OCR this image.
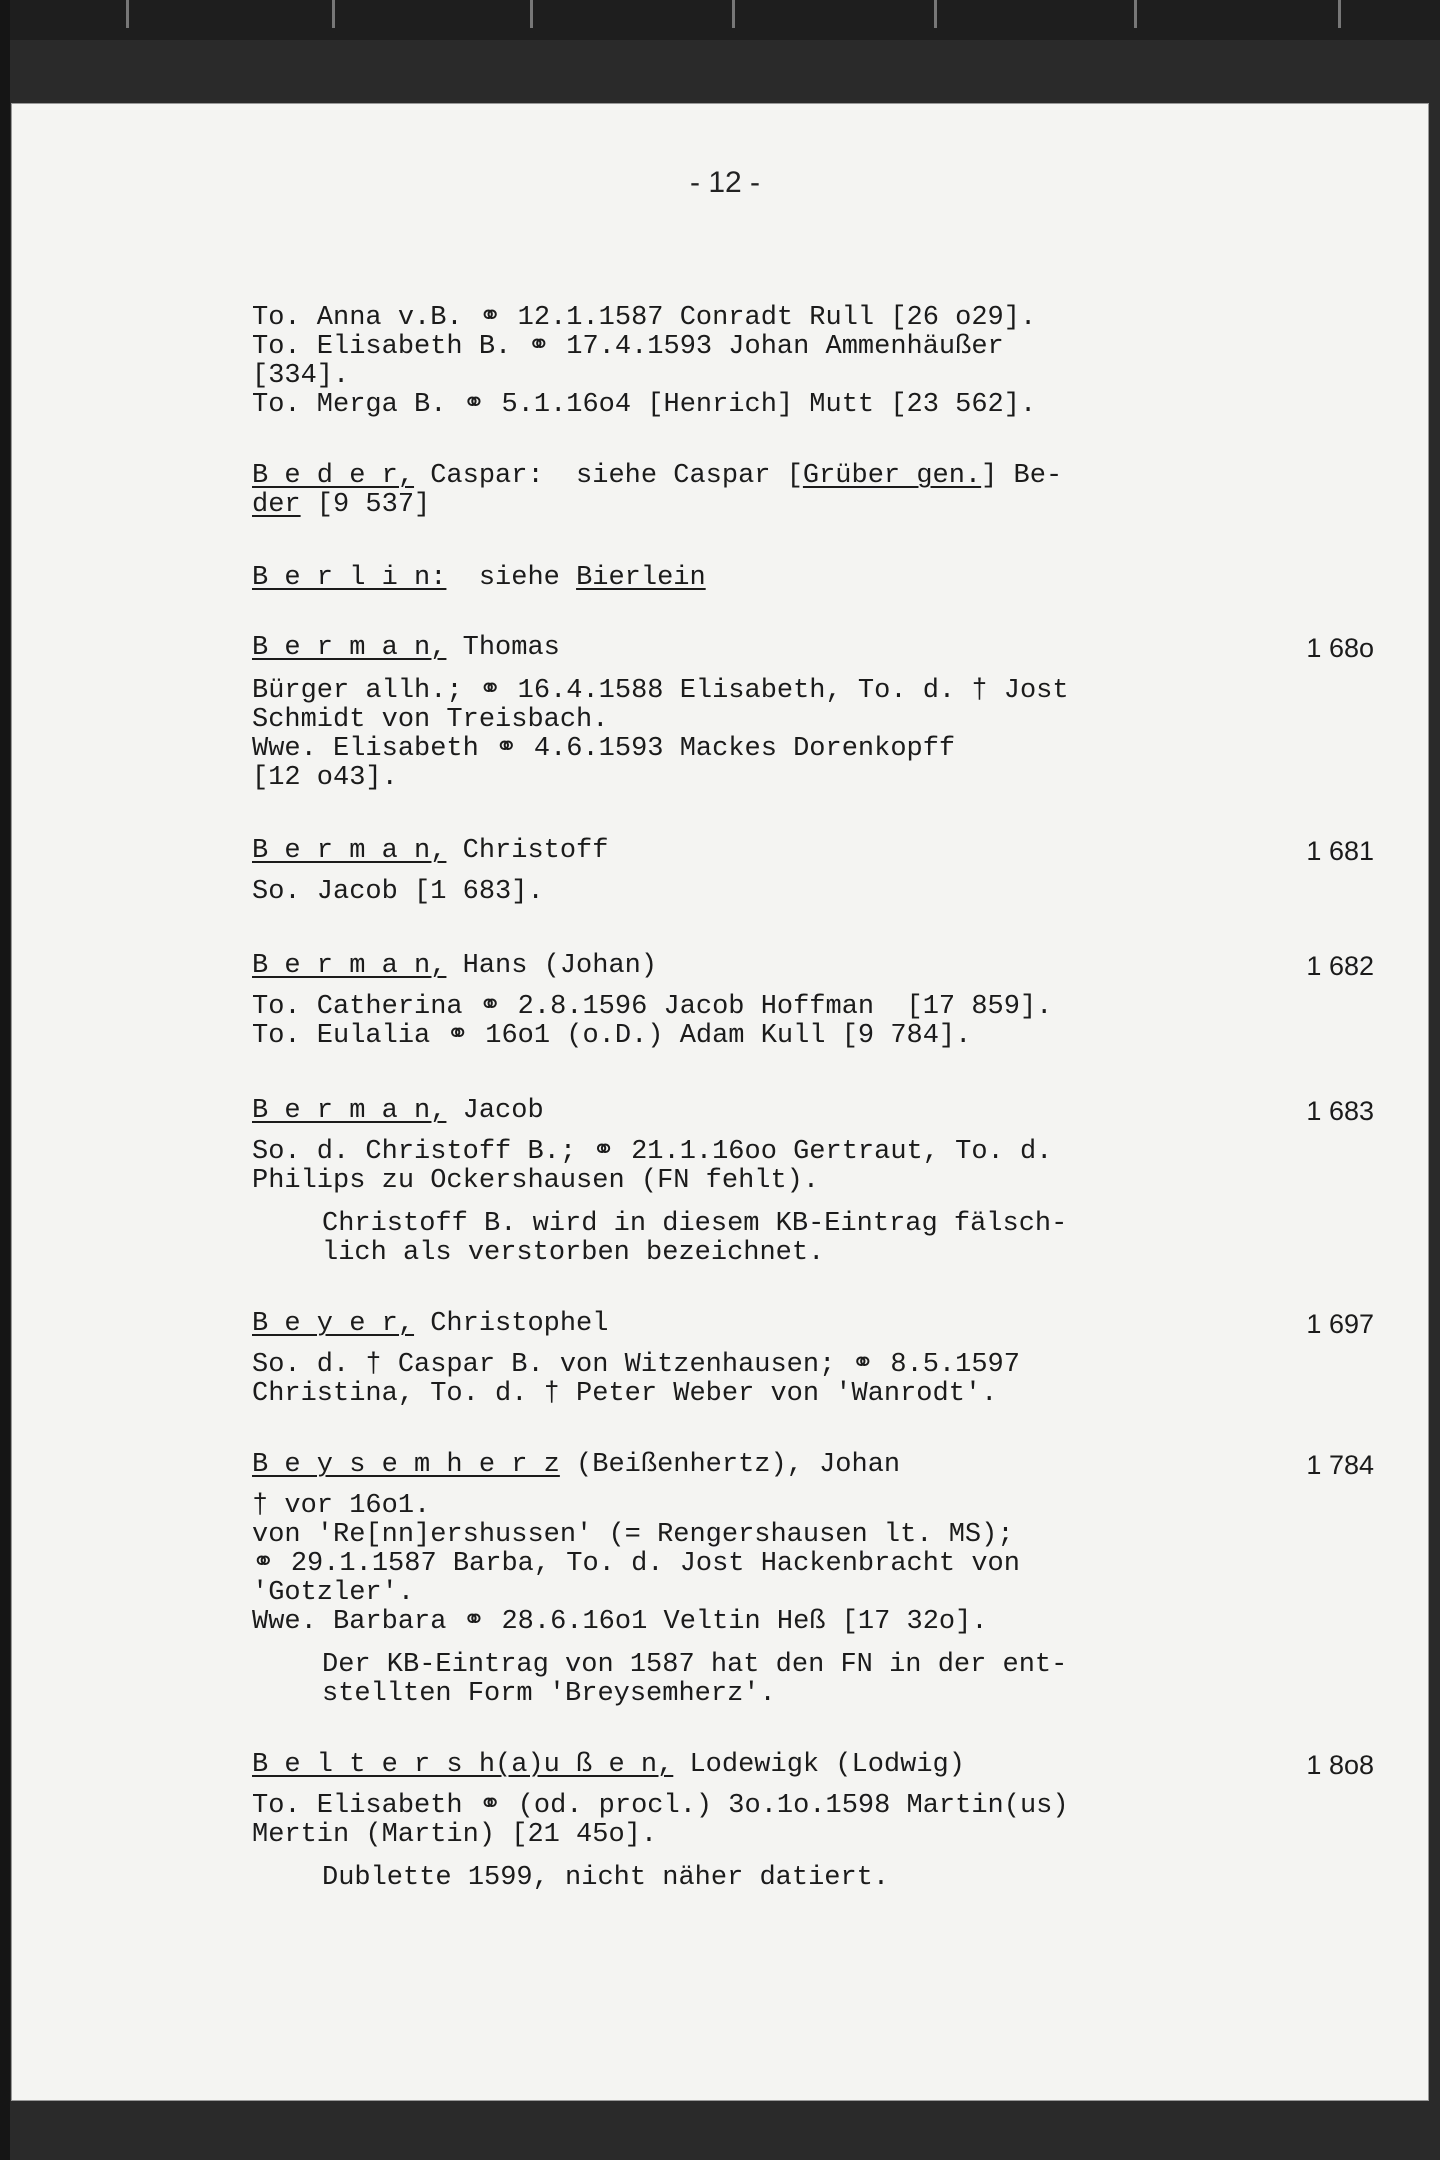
- 12 -
To. Anna v.B. ⚭ 12.1.1587 Conradt Rull [26 o29].
To. Elisabeth B. ⚭ 17.4.1593 Johan Ammenhäußer
[334].
To. Merga B. ⚭ 5.1.16o4 [Henrich] Mutt [23 562].
B e d e r, Caspar:  siehe Caspar [Grüber gen.] Be-
der [9 537]
B e r l i n:  siehe Bierlein
B e r m a n, Thomas	1 68o
Bürger allh.; ⚭ 16.4.1588 Elisabeth, To. d. † Jost
Schmidt von Treisbach.
Wwe. Elisabeth ⚭ 4.6.1593 Mackes Dorenkopff
[12 o43].
B e r m a n, Christoff	1 681
So. Jacob [1 683].
B e r m a n, Hans (Johan)	1 682
To. Catherina ⚭ 2.8.1596 Jacob Hoffman  [17 859].
To. Eulalia ⚭ 16o1 (o.D.) Adam Kull [9 784].
B e r m a n, Jacob	1 683
So. d. Christoff B.; ⚭ 21.1.16oo Gertraut, To. d.
Philips zu Ockershausen (FN fehlt).
Christoff B. wird in diesem KB-Eintrag fälsch-
lich als verstorben bezeichnet.
B e y e r, Christophel	1 697
So. d. † Caspar B. von Witzenhausen; ⚭ 8.5.1597
Christina, To. d. † Peter Weber von 'Wanrodt'.
B e y s e m h e r z (Beißenhertz), Johan	1 784
† vor 16o1.
von 'Re[nn]ershussen' (= Rengershausen lt. MS);
⚭ 29.1.1587 Barba, To. d. Jost Hackenbracht von
'Gotzler'.
Wwe. Barbara ⚭ 28.6.16o1 Veltin Heß [17 32o].
Der KB-Eintrag von 1587 hat den FN in der ent-
stellten Form 'Breysemherz'.
B e l t e r s h(a)u ß e n, Lodewigk (Lodwig)	1 8o8
To. Elisabeth ⚭ (od. procl.) 3o.1o.1598 Martin(us)
Mertin (Martin) [21 45o].
Dublette 1599, nicht näher datiert.
